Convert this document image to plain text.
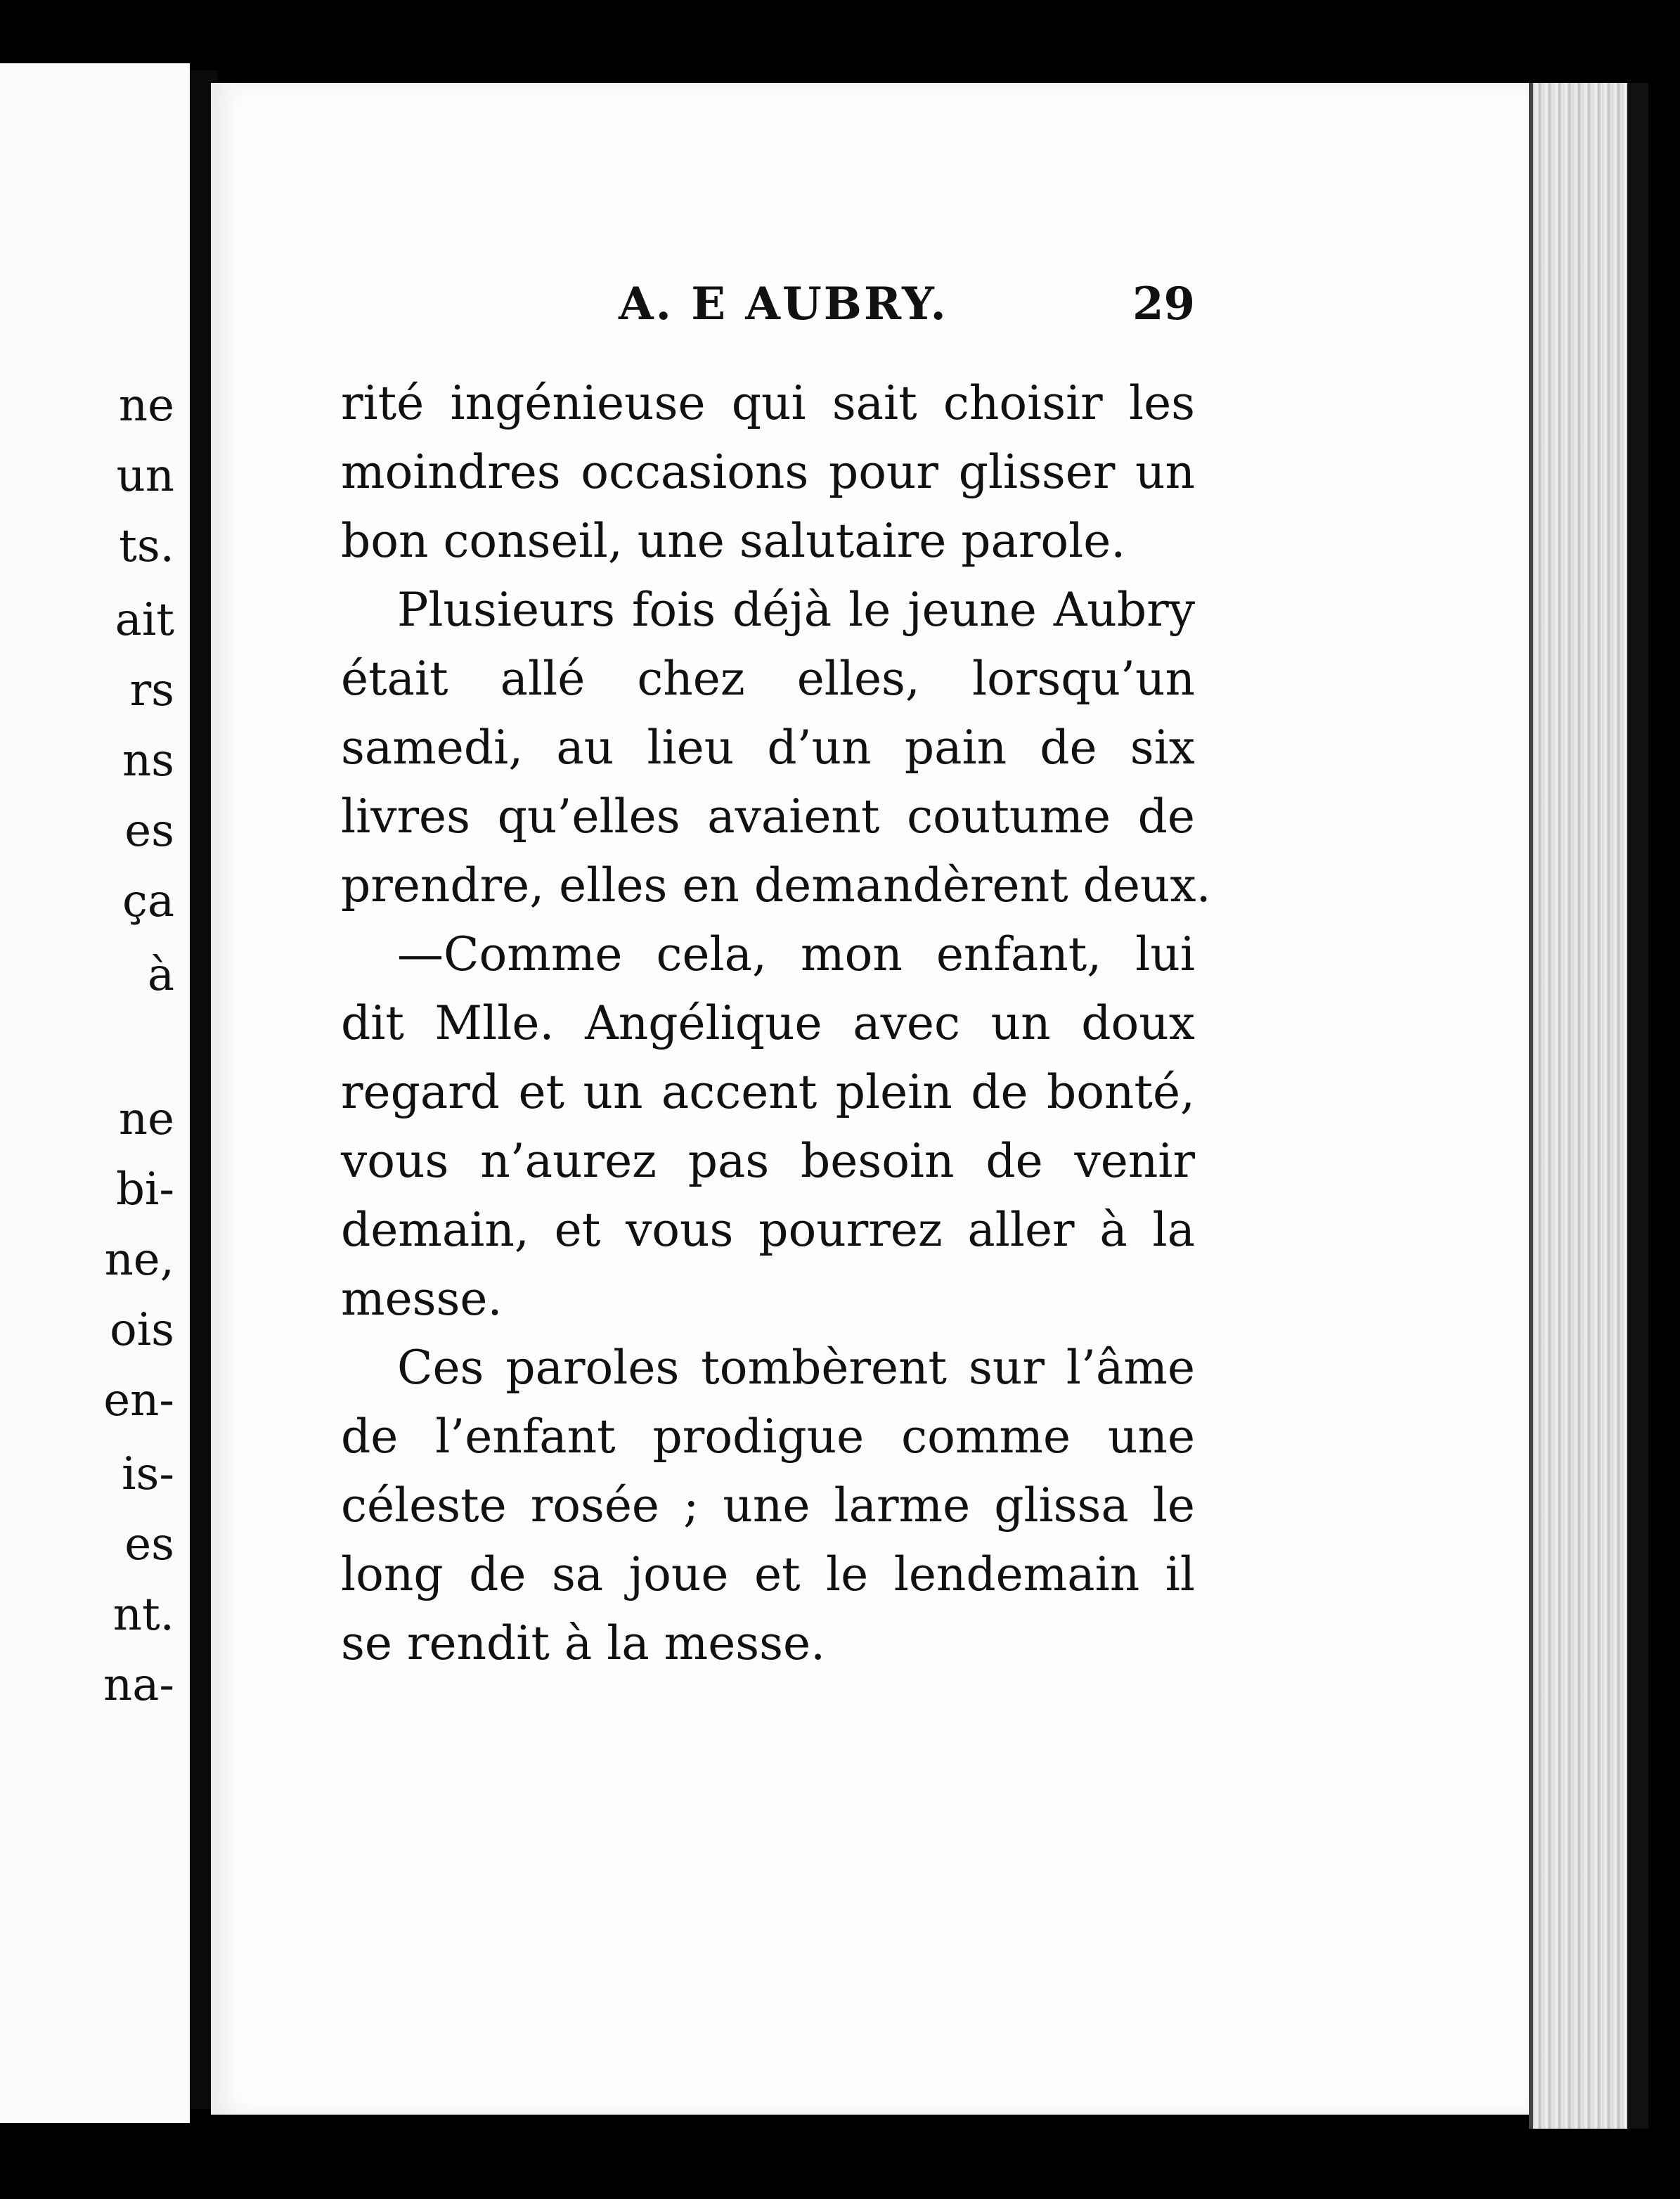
ne
un
ts.
ait
rs
ns
es
ça
à
ne
bi-
ne,
ois
en-
is-
es
nt.
na-
A. E AUBRY.	29
rité ingénieuse qui sait choisir les
moindres occasions pour glisser un
bon conseil, une salutaire parole.
Plusieurs fois déjà le jeune Aubry
était allé chez elles, lorsqu’un
samedi, au lieu d’un pain de six
livres qu’elles avaient coutume de
prendre, elles en demandèrent deux.
—Comme cela, mon enfant, lui
dit Mlle. Angélique avec un doux
regard et un accent plein de bonté,
vous n’aurez pas besoin de venir
demain, et vous pourrez aller à la
messe.
Ces paroles tombèrent sur l’âme
de l’enfant prodigue comme une
céleste rosée ; une larme glissa le
long de sa joue et le lendemain il
se rendit à la messe.
